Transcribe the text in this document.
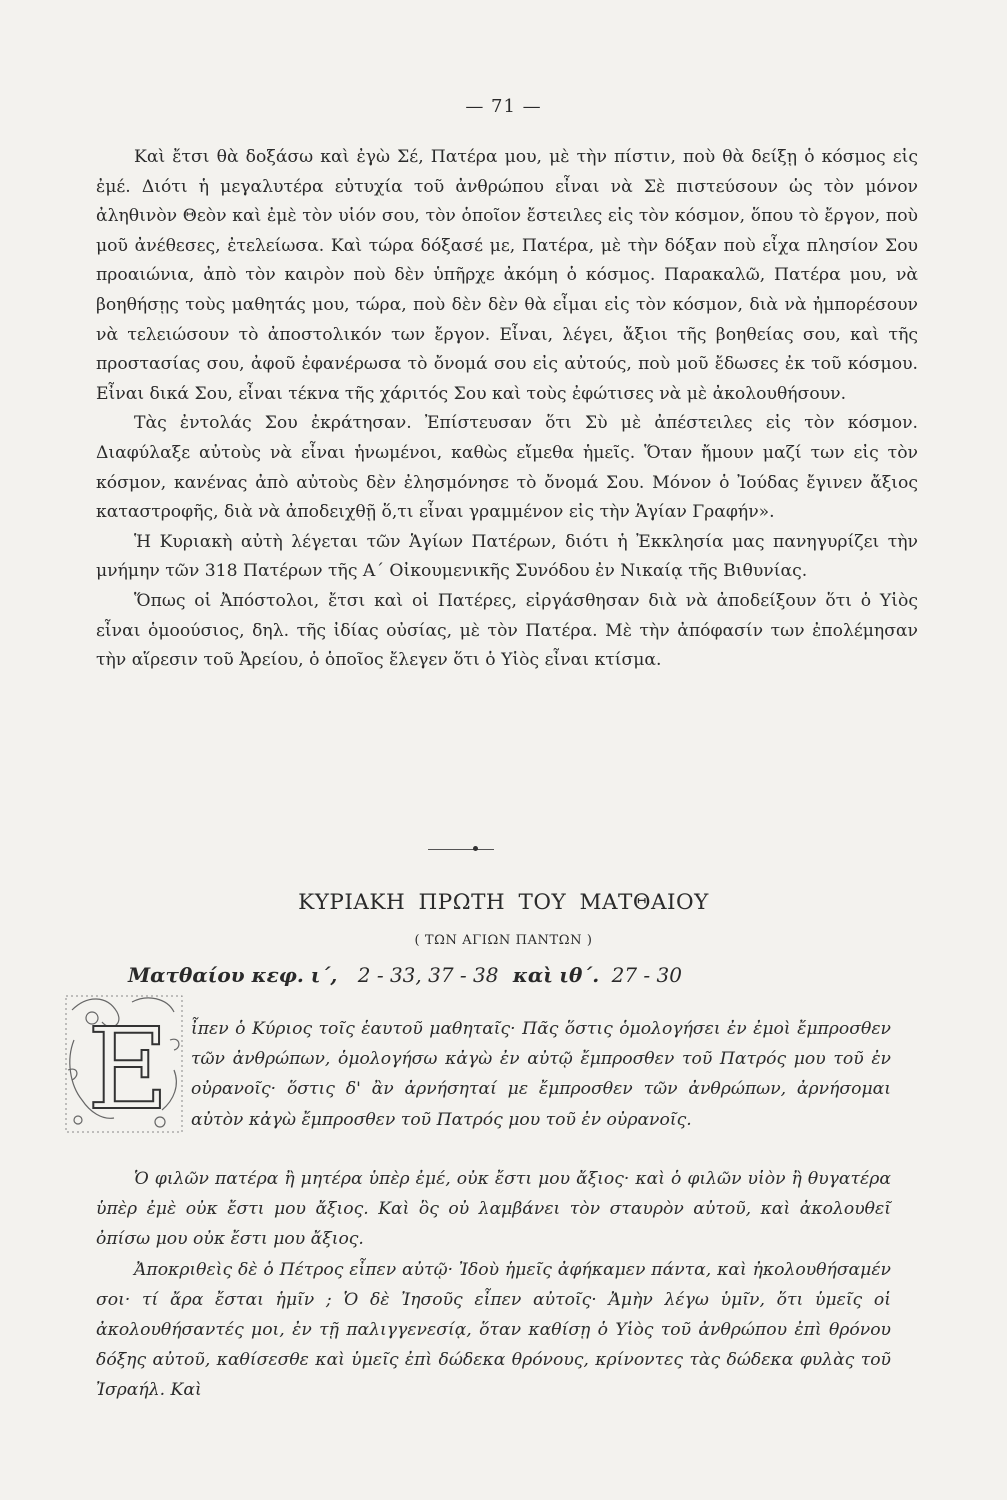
— 71 —

Καὶ ἔτσι θὰ δοξάσω καὶ ἐγὼ Σέ, Πατέρα μου, μὲ τὴν πίστιν, ποὺ θὰ δείξῃ ὁ κόσμος εἰς ἐμέ. Διότι ἡ μεγαλυτέρα εὐτυχία τοῦ ἀνθρώπου εἶναι νὰ Σὲ πιστεύσουν ὡς τὸν μόνον ἀληθινὸν Θεὸν καὶ ἐμὲ τὸν υἱόν σου, τὸν ὁποῖον ἔστειλες εἰς τὸν κόσμον, ὅπου τὸ ἔργον, ποὺ μοῦ ἀνέθεσες, ἐτελείωσα. Καὶ τώρα δόξασέ με, Πατέρα, μὲ τὴν δόξαν ποὺ εἶχα πλησίον Σου προαιώνια, ἀπὸ τὸν καιρὸν ποὺ δὲν ὑπῆρχε ἀκόμη ὁ κόσμος. Παρακαλῶ, Πατέρα μου, νὰ βοηθήσῃς τοὺς μαθητάς μου, τώρα, ποὺ δὲν δὲν θὰ εἶμαι εἰς τὸν κόσμον, διὰ νὰ ἠμπορέσουν νὰ τελειώσουν τὸ ἀποστολικόν των ἔργον. Εἶναι, λέγει, ἄξιοι τῆς βοηθείας σου, καὶ τῆς προστασίας σου, ἀφοῦ ἐφανέρωσα τὸ ὄνομά σου εἰς αὐτούς, ποὺ μοῦ ἔδωσες ἐκ τοῦ κόσμου. Εἶναι δικά Σου, εἶναι τέκνα τῆς χάριτός Σου καὶ τοὺς ἐφώτισες νὰ μὲ ἀκολουθήσουν.

Τὰς ἐντολάς Σου ἐκράτησαν. Ἐπίστευσαν ὅτι Σὺ μὲ ἀπέστειλες εἰς τὸν κόσμον. Διαφύλαξε αὐτοὺς νὰ εἶναι ἡνωμένοι, καθὼς εἴμεθα ἡμεῖς. Ὅταν ἤμουν μαζί των εἰς τὸν κόσμον, κανένας ἀπὸ αὐτοὺς δὲν ἐλησμόνησε τὸ ὄνομά Σου. Μόνον ὁ Ἰούδας ἔγινεν ἄξιος καταστροφῆς, διὰ νὰ ἀποδειχθῇ ὅ,τι εἶναι γραμμένον εἰς τὴν Ἁγίαν Γραφήν».

Ἡ Κυριακὴ αὐτὴ λέγεται τῶν Ἁγίων Πατέρων, διότι ἡ Ἐκκλησία μας πανηγυρίζει τὴν μνήμην τῶν 318 Πατέρων τῆς Α΄ Οἰκουμενικῆς Συνόδου ἐν Νικαίᾳ τῆς Βιθυνίας.

Ὅπως οἱ Ἀπόστολοι, ἔτσι καὶ οἱ Πατέρες, εἰργάσθησαν διὰ νὰ ἀποδείξουν ὅτι ὁ Υἱὸς εἶναι ὁμοούσιος, δηλ. τῆς ἰδίας οὐσίας, μὲ τὸν Πατέρα. Μὲ τὴν ἀπόφασίν των ἐπολέμησαν τὴν αἵρεσιν τοῦ Ἀρείου, ὁ ὁποῖος ἔλεγεν ὅτι ὁ Υἱὸς εἶναι κτίσμα.

ΚΥΡΙΑΚΗ ΠΡΩΤΗ ΤΟΥ ΜΑΤΘΑΙΟΥ
( ΤΩΝ ΑΓΙΩΝ ΠΑΝΤΩΝ )
Ματθαίου κεφ. ι΄, 2 - 33, 37 - 38 καὶ ιθ΄. 27 - 30
Ε ἶπεν ὁ Κύριος τοῖς ἑαυτοῦ μαθηταῖς· Πᾶς ὅστις ὁμολογήσει ἐν ἐμοὶ ἔμπροσθεν τῶν ἀνθρώπων, ὁμολογήσω κἀγὼ ἐν αὐτῷ ἔμπροσθεν τοῦ Πατρός μου τοῦ ἐν οὐρανοῖς· ὅστις δ' ἂν ἀρνήσηταί με ἔμπροσθεν τῶν ἀνθρώπων, ἀρνήσομαι αὐτὸν κἀγὼ ἔμπροσθεν τοῦ Πατρός μου τοῦ ἐν οὐρανοῖς.

Ὁ φιλῶν πατέρα ἢ μητέρα ὑπὲρ ἐμέ, οὐκ ἔστι μου ἄξιος· καὶ ὁ φιλῶν υἱὸν ἢ θυγατέρα ὑπὲρ ἐμὲ οὐκ ἔστι μου ἄξιος. Καὶ ὃς οὐ λαμβάνει τὸν σταυρὸν αὐτοῦ, καὶ ἀκολουθεῖ ὀπίσω μου οὐκ ἔστι μου ἄξιος.

Ἀποκριθεὶς δὲ ὁ Πέτρος εἶπεν αὐτῷ· Ἰδοὺ ἡμεῖς ἀφήκαμεν πάντα, καὶ ἠκολουθήσαμέν σοι· τί ἄρα ἔσται ἡμῖν ; Ὁ δὲ Ἰησοῦς εἶπεν αὐτοῖς· Ἀμὴν λέγω ὑμῖν, ὅτι ὑμεῖς οἱ ἀκολουθήσαντές μοι, ἐν τῇ παλιγγενεσίᾳ, ὅταν καθίσῃ ὁ Υἱὸς τοῦ ἀνθρώπου ἐπὶ θρόνου δόξης αὐτοῦ, καθίσεσθε καὶ ὑμεῖς ἐπὶ δώδεκα θρόνους, κρίνοντες τὰς δώδεκα φυλὰς τοῦ Ἰσραήλ. Καὶ
